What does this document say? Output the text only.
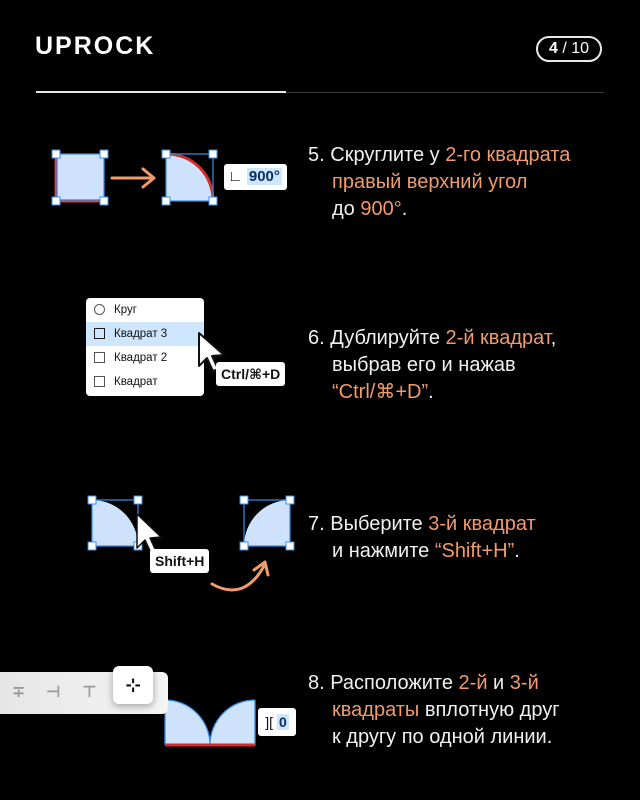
UPROCK	4 / 10
∟ 900°
Круг
Квадрат 3
Квадрат 2
Квадрат	Ctrl/⌘+D
Shift+H
∓ ⊣ ⊤	⊹
][ 0
5. Скруглите у 2-го квадрата
правый верхний угол
до 900°.
6. Дублируйте 2-й квадрат,
выбрав его и нажав
“Ctrl/⌘+D”.
7. Выберите 3-й квадрат
и нажмите “Shift+H”.
8. Расположите 2-й и 3-й
квадраты вплотную друг
к другу по одной линии.
